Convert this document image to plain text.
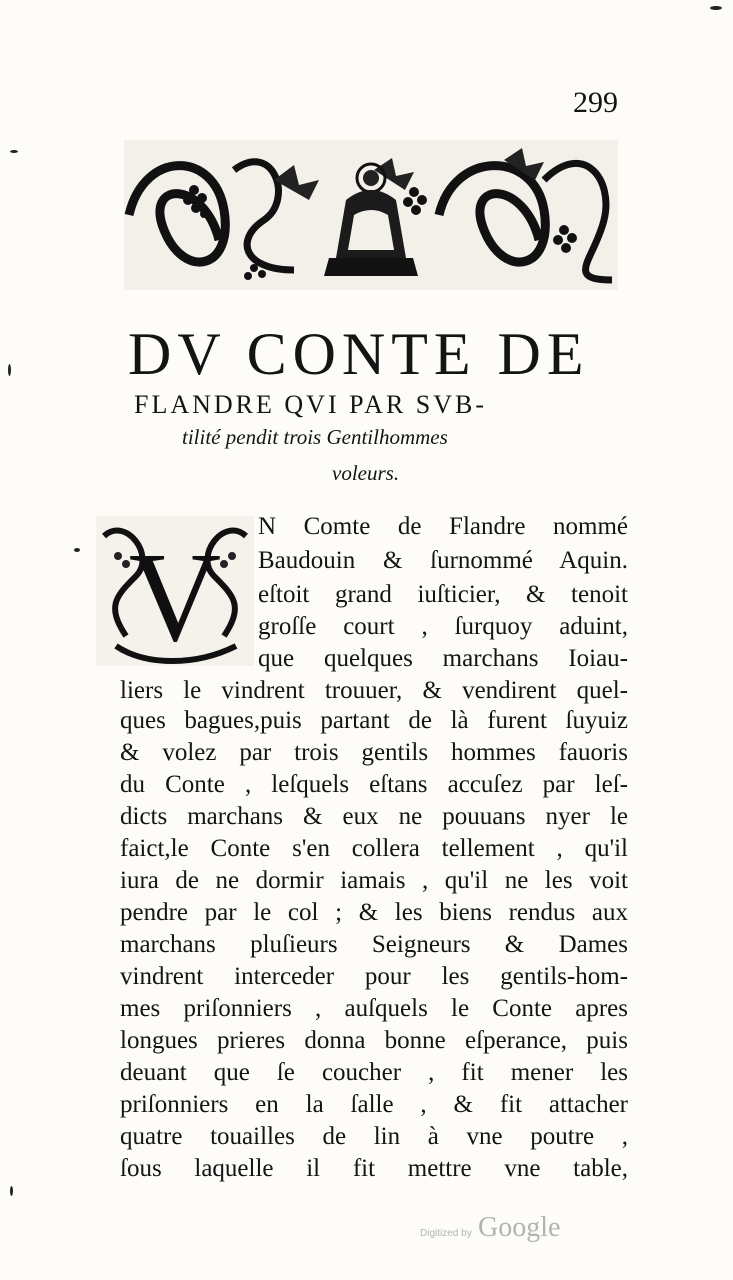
299
DV CONTE DE
FLANDRE QVI PAR SVB-
tilité pendit trois Gentilhommes
voleurs.
V N Comte de Flandre nommé
Baudouin & ſurnommé Aquin.
eſtoit grand iuſticier, & tenoit
groſſe court , ſurquoy aduint,
que quelques marchans Ioiau-
liers le vindrent trouuer, & vendirent quel-
ques bagues,puis partant de là furent ſuyuiz
& volez par trois gentils hommes fauoris
du Conte , leſquels eſtans accuſez par leſ-
dicts marchans & eux ne pouuans nyer le
faict,le Conte s'en collera tellement , qu'il
iura de ne dormir iamais , qu'il ne les voit
pendre par le col ; & les biens rendus aux
marchans pluſieurs Seigneurs & Dames
vindrent interceder pour les gentils-hom-
mes priſonniers , auſquels le Conte apres
longues prieres donna bonne eſperance, puis
deuant que ſe coucher , fit mener les
priſonniers en la ſalle , & fit attacher
quatre touailles de lin à vne poutre ,
ſous laquelle il fit mettre vne table,
Digitized by Google
